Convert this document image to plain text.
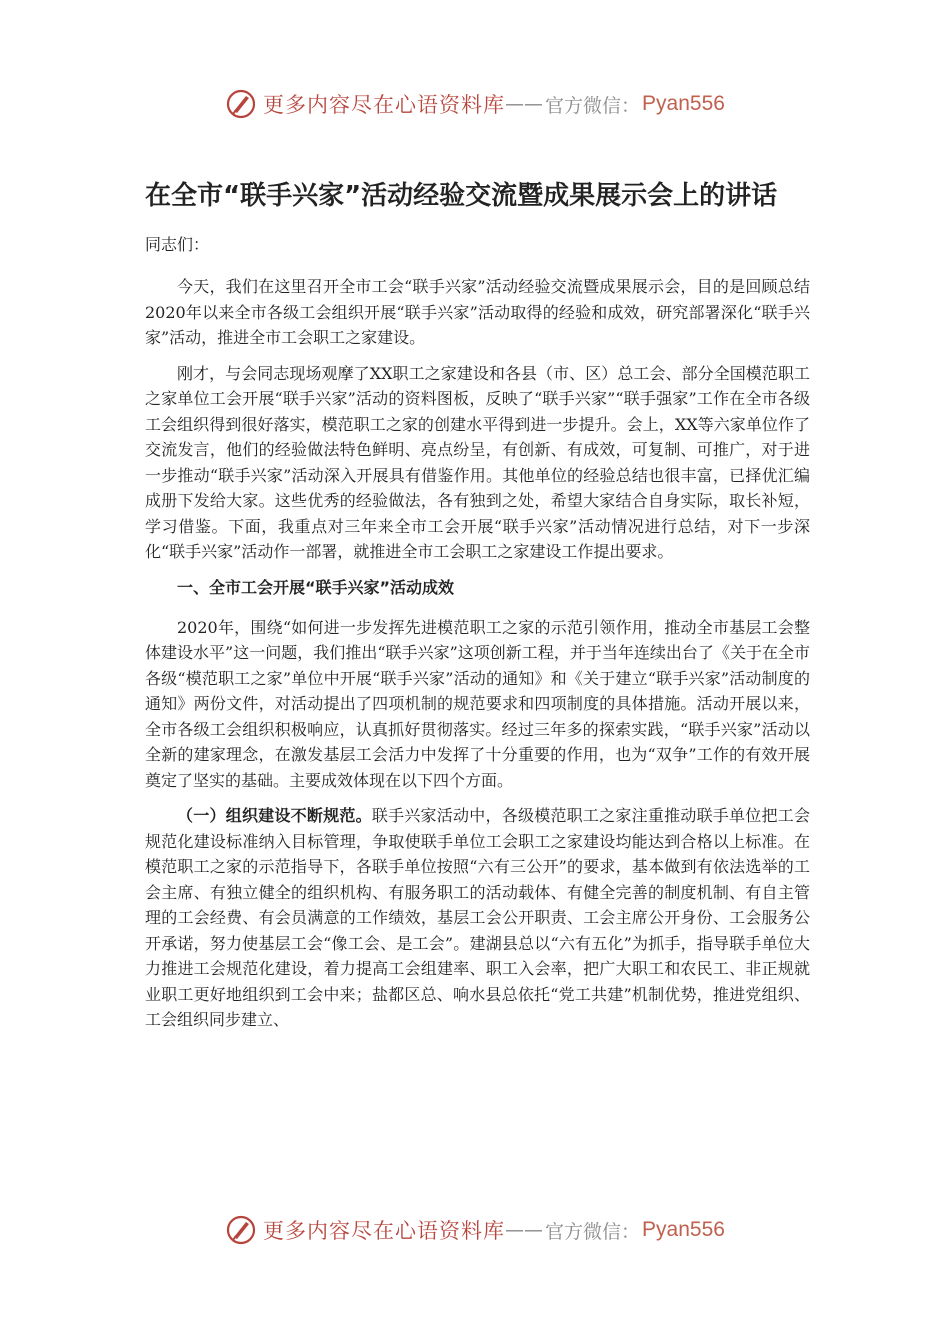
更多内容尽在心语资料库 —— 官方微信： Pyan556
在全市“联手兴家”活动经验交流暨成果展示会上的讲话

同志们：

今天，我们在这里召开全市工会“联手兴家”活动经验交流暨成果展示会，目的是回顾总结2020年以来全市各级工会组织开展“联手兴家”活动取得的经验和成效，研究部署深化“联手兴家”活动，推进全市工会职工之家建设。

刚才，与会同志现场观摩了XX职工之家建设和各县（市、区）总工会、部分全国模范职工之家单位工会开展“联手兴家”活动的资料图板，反映了“联手兴家”“联手强家”工作在全市各级工会组织得到很好落实，模范职工之家的创建水平得到进一步提升。会上，XX等六家单位作了交流发言，他们的经验做法特色鲜明、亮点纷呈，有创新、有成效，可复制、可推广，对于进一步推动“联手兴家”活动深入开展具有借鉴作用。其他单位的经验总结也很丰富，已择优汇编成册下发给大家。这些优秀的经验做法，各有独到之处，希望大家结合自身实际，取长补短，学习借鉴。下面，我重点对三年来全市工会开展“联手兴家”活动情况进行总结，对下一步深化“联手兴家”活动作一部署，就推进全市工会职工之家建设工作提出要求。

一、全市工会开展“联手兴家”活动成效

2020年，围绕“如何进一步发挥先进模范职工之家的示范引领作用，推动全市基层工会整体建设水平”这一问题，我们推出“联手兴家”这项创新工程，并于当年连续出台了《关于在全市各级“模范职工之家”单位中开展“联手兴家”活动的通知》和《关于建立“联手兴家”活动制度的通知》两份文件，对活动提出了四项机制的规范要求和四项制度的具体措施。活动开展以来，全市各级工会组织积极响应，认真抓好贯彻落实。经过三年多的探索实践，“联手兴家”活动以全新的建家理念，在激发基层工会活力中发挥了十分重要的作用，也为“双争”工作的有效开展奠定了坚实的基础。主要成效体现在以下四个方面。

（一）组织建设不断规范。联手兴家活动中，各级模范职工之家注重推动联手单位把工会规范化建设标准纳入目标管理，争取使联手单位工会职工之家建设均能达到合格以上标准。在模范职工之家的示范指导下，各联手单位按照“六有三公开”的要求，基本做到有依法选举的工会主席、有独立健全的组织机构、有服务职工的活动载体、有健全完善的制度机制、有自主管理的工会经费、有会员满意的工作绩效，基层工会公开职责、工会主席公开身份、工会服务公开承诺，努力使基层工会“像工会、是工会”。建湖县总以“六有五化”为抓手，指导联手单位大力推进工会规范化建设，着力提高工会组建率、职工入会率，把广大职工和农民工、非正规就业职工更好地组织到工会中来；盐都区总、响水县总依托“党工共建”机制优势，推进党组织、工会组织同步建立、

更多内容尽在心语资料库 —— 官方微信： Pyan556
